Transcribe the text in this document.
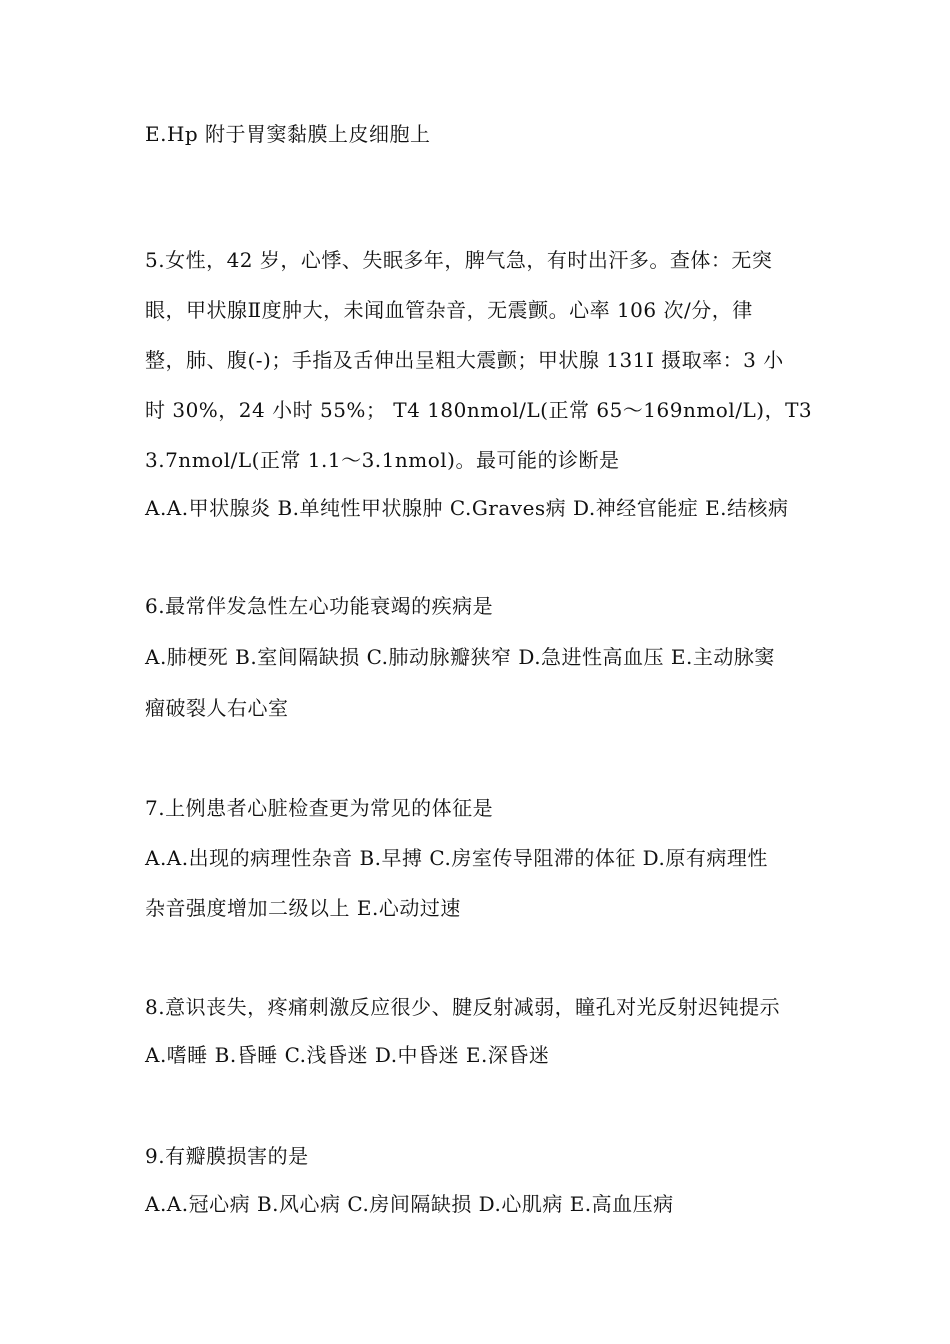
E.Hp 附于胃窦黏膜上皮细胞上
5.女性，42 岁，心悸、失眠多年，脾气急，有时出汗多。查体：无突
眼，甲状腺Ⅱ度肿大，未闻血管杂音，无震颤。心率 106 次/分，律
整，肺、腹(-)；手指及舌伸出呈粗大震颤；甲状腺 131I 摄取率：3 小
时 30%，24 小时 55%； T4 180nmol/L(正常 65～169nmol/L)，T3
3.7nmol/L(正常 1.1～3.1nmol)。最可能的诊断是
A.A.甲状腺炎 B.单纯性甲状腺肿 C.Graves病 D.神经官能症 E.结核病
6.最常伴发急性左心功能衰竭的疾病是
A.肺梗死 B.室间隔缺损 C.肺动脉瓣狭窄 D.急进性高血压 E.主动脉窦
瘤破裂人右心室
7.上例患者心脏检查更为常见的体征是
A.A.出现的病理性杂音 B.早搏 C.房室传导阻滞的体征 D.原有病理性
杂音强度增加二级以上 E.心动过速
8.意识丧失，疼痛刺激反应很少、腱反射减弱，瞳孔对光反射迟钝提示
A.嗜睡 B.昏睡 C.浅昏迷 D.中昏迷 E.深昏迷
9.有瓣膜损害的是
A.A.冠心病 B.风心病 C.房间隔缺损 D.心肌病 E.高血压病
